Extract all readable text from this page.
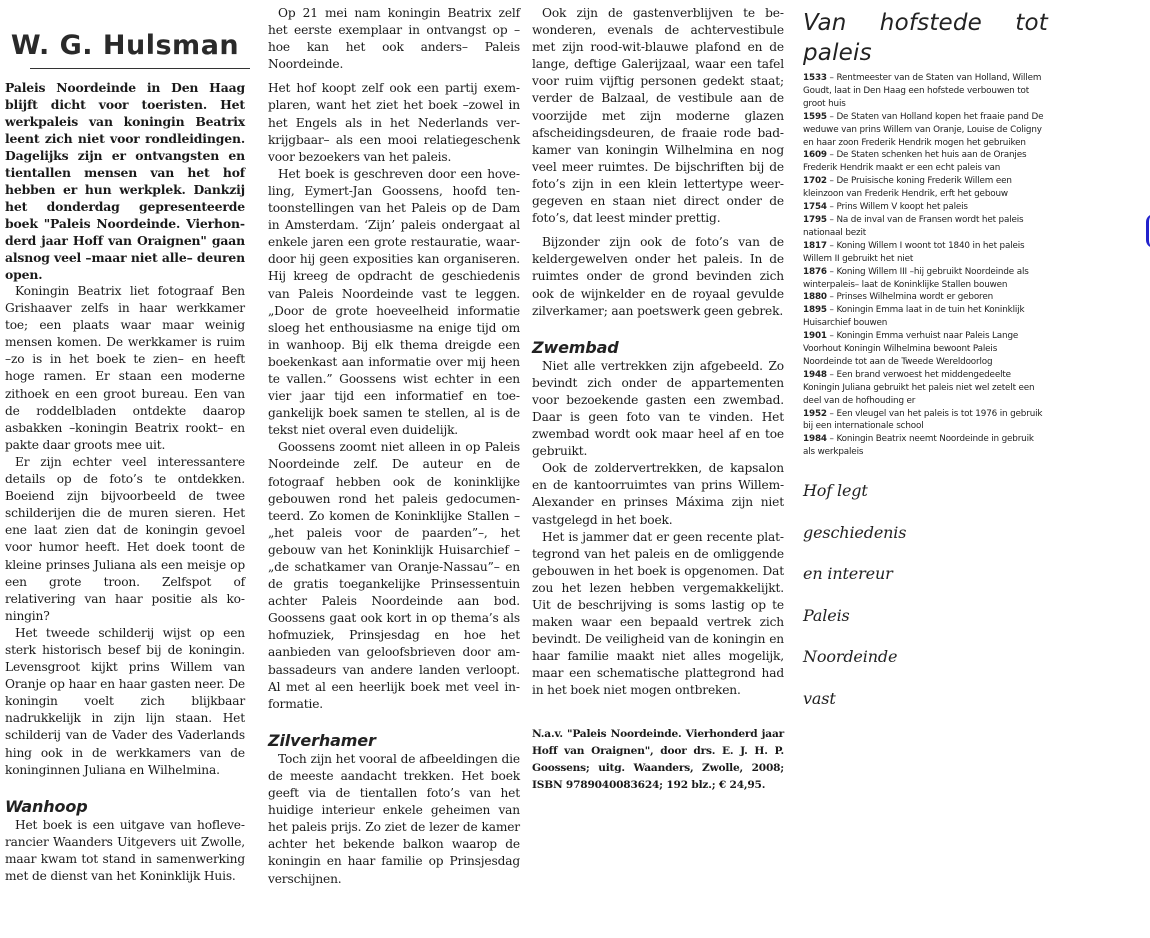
W. G. Hulsman

Paleis Noordeinde in Den Haag blijft dicht voor toeristen. Het werkpaleis van koningin Beatrix leent zich niet voor rondleidingen. Dagelijks zijn er ontvangsten en tientallen mensen van het hof hebben er hun werkplek. Dankzij het donderdag gepresenteerde boek "Paleis Noordeinde. Vierhonderd jaar Hoff van Oraignen" gaan alsnog veel –maar niet alle– deuren open.

Koningin Beatrix liet fotograaf Ben Grishaaver zelfs in haar werkkamer toe; een plaats waar maar weinig mensen komen. De werkkamer is ruim –zo is in het boek te zien– en heeft hoge ramen. Er staan een moderne zithoek en een groot bureau. Een van de roddelbladen ontdekte daarop asbakken –koningin Beatrix rookt– en pakte daar groots mee uit.

Er zijn echter veel interessantere details op de foto’s te ontdekken. Boeiend zijn bijvoorbeeld de twee schilderijen die de muren sieren. Het ene laat zien dat de koningin gevoel voor humor heeft. Het doek toont de kleine prinses Juliana als een meisje op een grote troon. Zelfspot of relativering van haar positie als koningin?

Het tweede schilderij wijst op een sterk historisch besef bij de koningin. Levensgroot kijkt prins Willem van Oranje op haar en haar gasten neer. De koningin voelt zich blijkbaar nadrukkelijk in zijn lijn staan. Het schilderij van de Vader des Vaderlands hing ook in de werkkamers van de koninginnen Juliana en Wilhelmina.

Wanhoop

Het boek is een uitgave van hofleverancier Waanders Uitgevers uit Zwolle, maar kwam tot stand in samenwerking met de dienst van het Koninklijk Huis.

Op 21 mei nam koningin Beatrix zelf het eerste exemplaar in ontvangst op –hoe kan het ook anders– Paleis Noordeinde.

Het hof koopt zelf ook een partij exemplaren, want het ziet het boek –zowel in het Engels als in het Nederlands verkrijgbaar– als een mooi relatiegeschenk voor bezoekers van het paleis.

Het boek is geschreven door een hoveling, Eymert-Jan Goossens, hoofd tentoonstellingen van het Paleis op de Dam in Amsterdam. ‘Zijn’ paleis ondergaat al enkele jaren een grote restauratie, waardoor hij geen exposities kan organiseren. Hij kreeg de opdracht de geschiedenis van Paleis Noordeinde vast te leggen. „Door de grote hoeveelheid informatie sloeg het enthousiasme na enige tijd om in wanhoop. Bij elk thema dreigde een boekenkast aan informatie over mij heen te vallen.” Goossens wist echter in een vier jaar tijd een informatief en toegankelijk boek samen te stellen, al is de tekst niet overal even duidelijk.

Goossens zoomt niet alleen in op Paleis Noordeinde zelf. De auteur en de fotograaf hebben ook de koninklijke gebouwen rond het paleis gedocumenteerd. Zo komen de Koninklijke Stallen –„het paleis voor de paarden”–, het gebouw van het Koninklijk Huisarchief –„de schatkamer van Oranje-Nassau”– en de gratis toegankelijke Prinsessentuin achter Paleis Noordeinde aan bod. Goossens gaat ook kort in op thema’s als hofmuziek, Prinsjesdag en hoe het aanbieden van geloofsbrieven door ambassadeurs van andere landen verloopt. Al met al een heerlijk boek met veel informatie.

Zilverhamer

Toch zijn het vooral de afbeeldingen die de meeste aandacht trekken. Het boek geeft via de tientallen foto’s van het huidige interieur enkele geheimen van het paleis prijs. Zo ziet de lezer de kamer achter het bekende balkon waarop de koningin en haar familie op Prinsjesdag verschijnen.

Ook zijn de gastenverblijven te bewonderen, evenals de achtervestibule met zijn rood-wit-blauwe plafond en de lange, deftige Galerijzaal, waar een tafel voor ruim vijftig personen gedekt staat; verder de Balzaal, de vestibule aan de voorzijde met zijn moderne glazen afscheidingsdeuren, de fraaie rode badkamer van koningin Wilhelmina en nog veel meer ruimtes. De bijschriften bij de foto’s zijn in een klein lettertype weergegeven en staan niet direct onder de foto’s, dat leest minder prettig.

Bijzonder zijn ook de foto’s van de keldergewelven onder het paleis. In de ruimtes onder de grond bevinden zich ook de wijnkelder en de royaal gevulde zilverkamer; aan poetswerk geen gebrek.

Zwembad

Niet alle vertrekken zijn afgebeeld. Zo bevindt zich onder de appartementen voor bezoekende gasten een zwembad. Daar is geen foto van te vinden. Het zwembad wordt ook maar heel af en toe gebruikt.

Ook de zoldervertrekken, de kapsalon en de kantoorruimtes van prins Willem-Alexander en prinses Máxima zijn niet vastgelegd in het boek.

Het is jammer dat er geen recente plattegrond van het paleis en de omliggende gebouwen in het boek is opgenomen. Dat zou het lezen hebben vergemakkelijkt. Uit de beschrijving is soms lastig op te maken waar een bepaald vertrek zich bevindt. De veiligheid van de koningin en haar familie maakt niet alles mogelijk, maar een schematische plattegrond had in het boek niet mogen ontbreken.

N.a.v. "Paleis Noordeinde. Vierhonderd jaar Hoff van Oraignen", door drs. E. J. H. P. Goossens; uitg. Waanders, Zwolle, 2008; ISBN 9789040083624; 192 blz.; € 24,95.

Van hofstede tot paleis
1533 – Rentmeester van de Staten van Holland, Willem Goudt, laat in Den Haag een hofstede verbouwen tot groot huis
1595 – De Staten van Holland kopen het fraaie pand De weduwe van prins Willem van Oranje, Louise de Coligny en haar zoon Frederik Hendrik mogen het gebruiken
1609 – De Staten schenken het huis aan de Oranjes Frederik Hendrik maakt er een echt paleis van
1702 – De Pruisische koning Frederik Willem een kleinzoon van Frederik Hendrik, erft het gebouw
1754 – Prins Willem V koopt het paleis
1795 – Na de inval van de Fransen wordt het paleis nationaal bezit
1817 – Koning Willem I woont tot 1840 in het paleis Willem II gebruikt het niet
1876 – Koning Willem III –hij gebruikt Noordeinde als winterpaleis– laat de Koninklijke Stallen bouwen
1880 – Prinses Wilhelmina wordt er geboren
1895 – Koningin Emma laat in de tuin het Koninklijk Huisarchief bouwen
1901 – Koningin Emma verhuist naar Paleis Lange Voorhout Koningin Wilhelmina bewoont Paleis Noordeinde tot aan de Tweede Wereldoorlog
1948 – Een brand verwoest het middengedeelte Koningin Juliana gebruikt het paleis niet wel zetelt een deel van de hofhouding er
1952 – Een vleugel van het paleis is tot 1976 in gebruik bij een internationale school
1984 – Koningin Beatrix neemt Noordeinde in gebruik als werkpaleis
Hof legt
geschiedenis
en intereur
Paleis
Noordeinde
vast
